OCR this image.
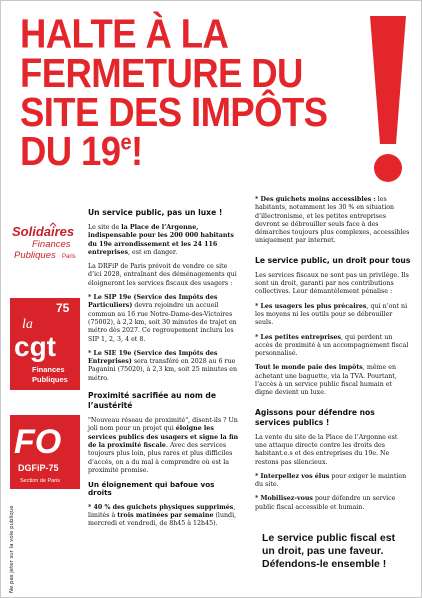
HALTE À LA
FERMETURE DU
SITE DES IMPÔTS
DU 19e!
Solidaires
Finances
Publiques Paris
75
la
cgt
Finances
Publiques
FO
DGFiP-75
Section de Paris
Ne pas jeter sur la voie publique
Un service public, pas un luxe !
Le site de la Place de l’Argonne, indispensable pour les 200 000 habitants du 19e arrondissement et les 24 116 entreprises, est en danger.
La DRFiP de Paris prévoit de vendre ce site d’ici 2028, entraînant des déménagements qui éloigneront les services fiscaux des usagers :
* Le SIP 19e (Service des Impôts des Particuliers) devra rejoindre un accueil commun au 16 rue Notre-Dame-des-Victoires (75002), à 2,2 km, soit 30 minutes de trajet en métro dès 2027. Ce regroupement inclura les SIP 1, 2, 3, 4 et 8.
* Le SIE 19e (Service des Impôts des Entreprises) sera transféré en 2028 au 6 rue Paganini (75020), à 2,3 km, soit 25 minutes en métro.
Proximité sacrifiée au nom de l’austérité
"Nouveau réseau de proximité", disent-ils ? Un joli nom pour un projet qui éloigne les services publics des usagers et signe la fin de la proximité fiscale. Avec des services toujours plus loin, plus rares et plus difficiles d’accès, on a du mal à comprendre où est la proximité promise.
Un éloignement qui bafoue vos droits
* 40 % des guichets physiques supprimés, limités à trois matinées par semaine (lundi, mercredi et vendredi, de 8h45 à 12h45).
* Des guichets moins accessibles : les habitants, notamment les 30 % en situation d’illectronisme, et les petites entreprises devront se débrouiller seuls face à des démarches toujours plus complexes, accessibles uniquement par internet.
Le service public, un droit pour tous
Les services fiscaux ne sont pas un privilège. Ils sont un droit, garanti par nos contributions collectives. Leur démantèlement pénalise :
* Les usagers les plus précaires, qui n’ont ni les moyens ni les outils pour se débrouiller seuls.
* Les petites entreprises, qui perdent un accès de proximité à un accompagnement fiscal personnalisé.
Tout le monde paie des impôts, même en achetant une baguette, via la TVA. Pourtant, l’accès à un service public fiscal humain et digne devient un luxe.
Agissons pour défendre nos services publics !
La vente du site de la Place de l’Argonne est une attaque directe contre les droits des habitant.e.s et des entreprises du 19e. Ne restons pas silencieux.
* Interpellez vos élus pour exiger le maintien du site.
* Mobilisez-vous pour défendre un service public fiscal accessible et humain.
Le service public fiscal est
un droit, pas une faveur.
Défendons-le ensemble !
